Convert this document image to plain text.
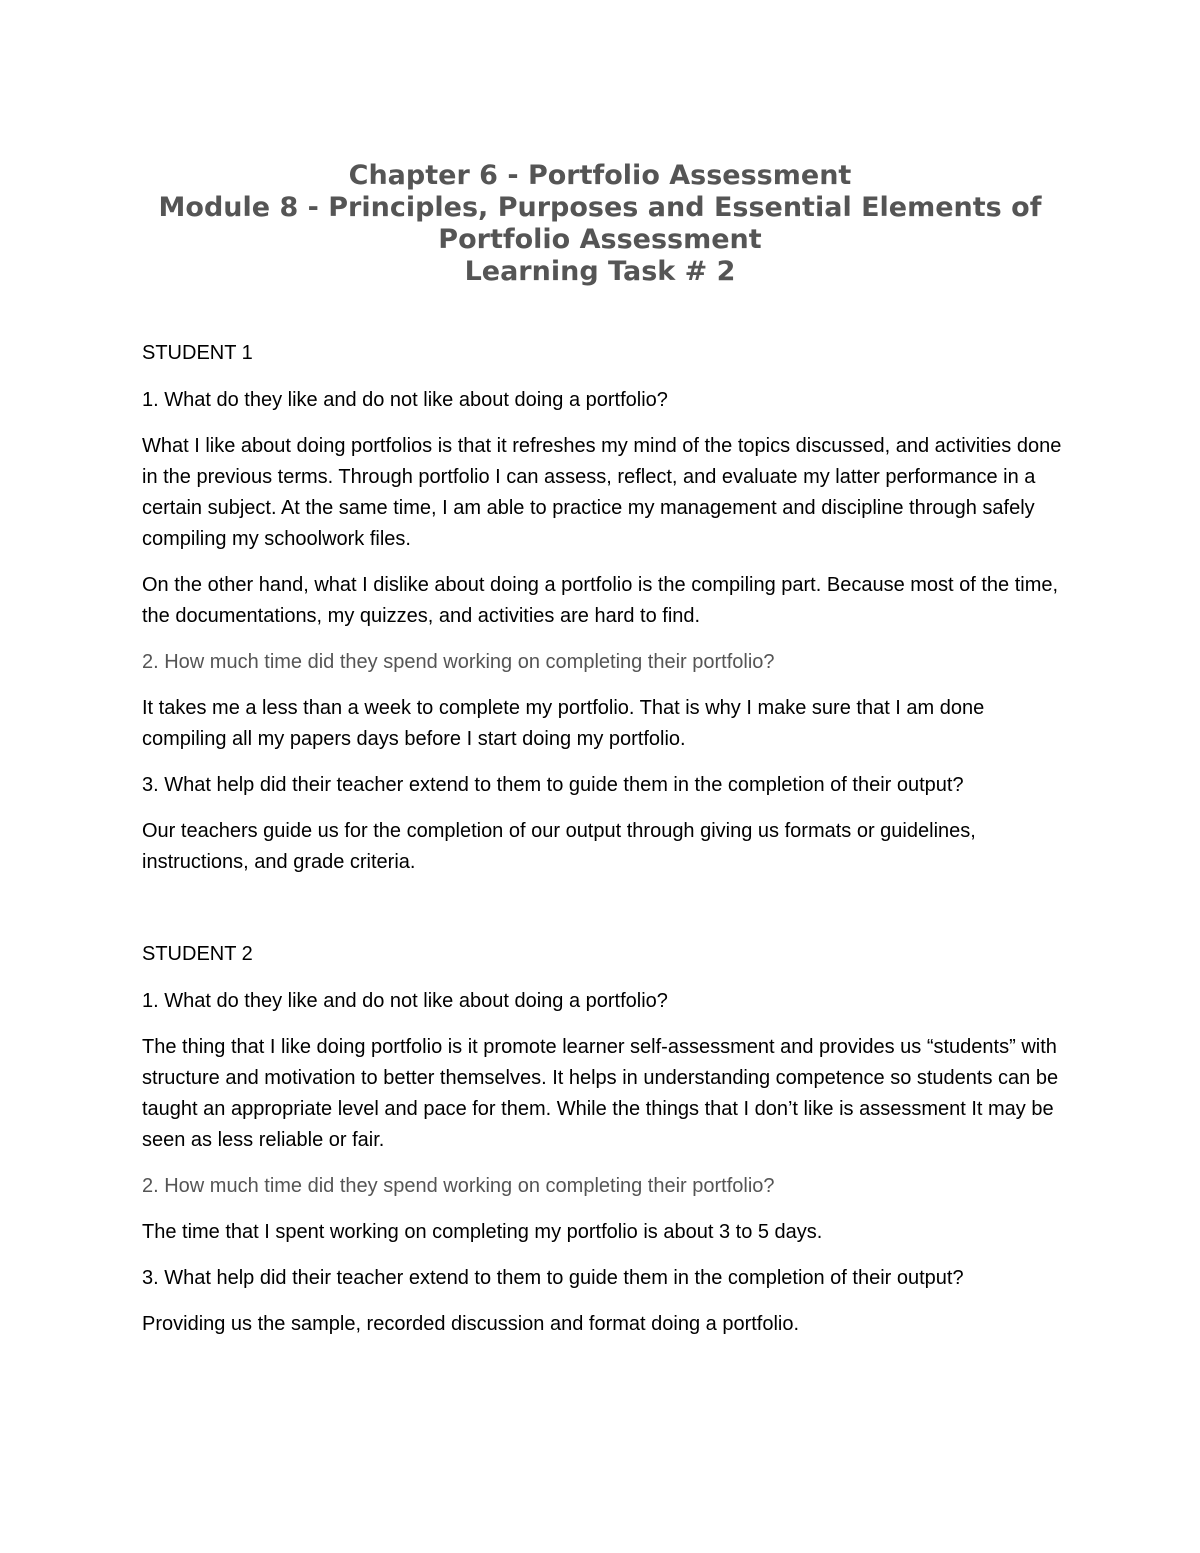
Chapter 6 - Portfolio Assessment
Module 8 - Principles, Purposes and Essential Elements of
Portfolio Assessment
Learning Task # 2

STUDENT 1

1. What do they like and do not like about doing a portfolio?

What I like about doing portfolios is that it refreshes my mind of the topics discussed, and activities done in the previous terms. Through portfolio I can assess, reflect, and evaluate my latter performance in a certain subject. At the same time, I am able to practice my management and discipline through safely compiling my schoolwork files.

On the other hand, what I dislike about doing a portfolio is the compiling part. Because most of the time, the documentations, my quizzes, and activities are hard to find.

2. How much time did they spend working on completing their portfolio?

It takes me a less than a week to complete my portfolio. That is why I make sure that I am done compiling all my papers days before I start doing my portfolio.

3. What help did their teacher extend to them to guide them in the completion of their output?

Our teachers guide us for the completion of our output through giving us formats or guidelines, instructions, and grade criteria.

STUDENT 2

1. What do they like and do not like about doing a portfolio?

The thing that I like doing portfolio is it promote learner self-assessment and provides us “students” with structure and motivation to better themselves. It helps in understanding competence so students can be taught an appropriate level and pace for them. While the things that I don’t like is assessment It may be seen as less reliable or fair.

2. How much time did they spend working on completing their portfolio?

The time that I spent working on completing my portfolio is about 3 to 5 days.

3. What help did their teacher extend to them to guide them in the completion of their output?

Providing us the sample, recorded discussion and format doing a portfolio.
